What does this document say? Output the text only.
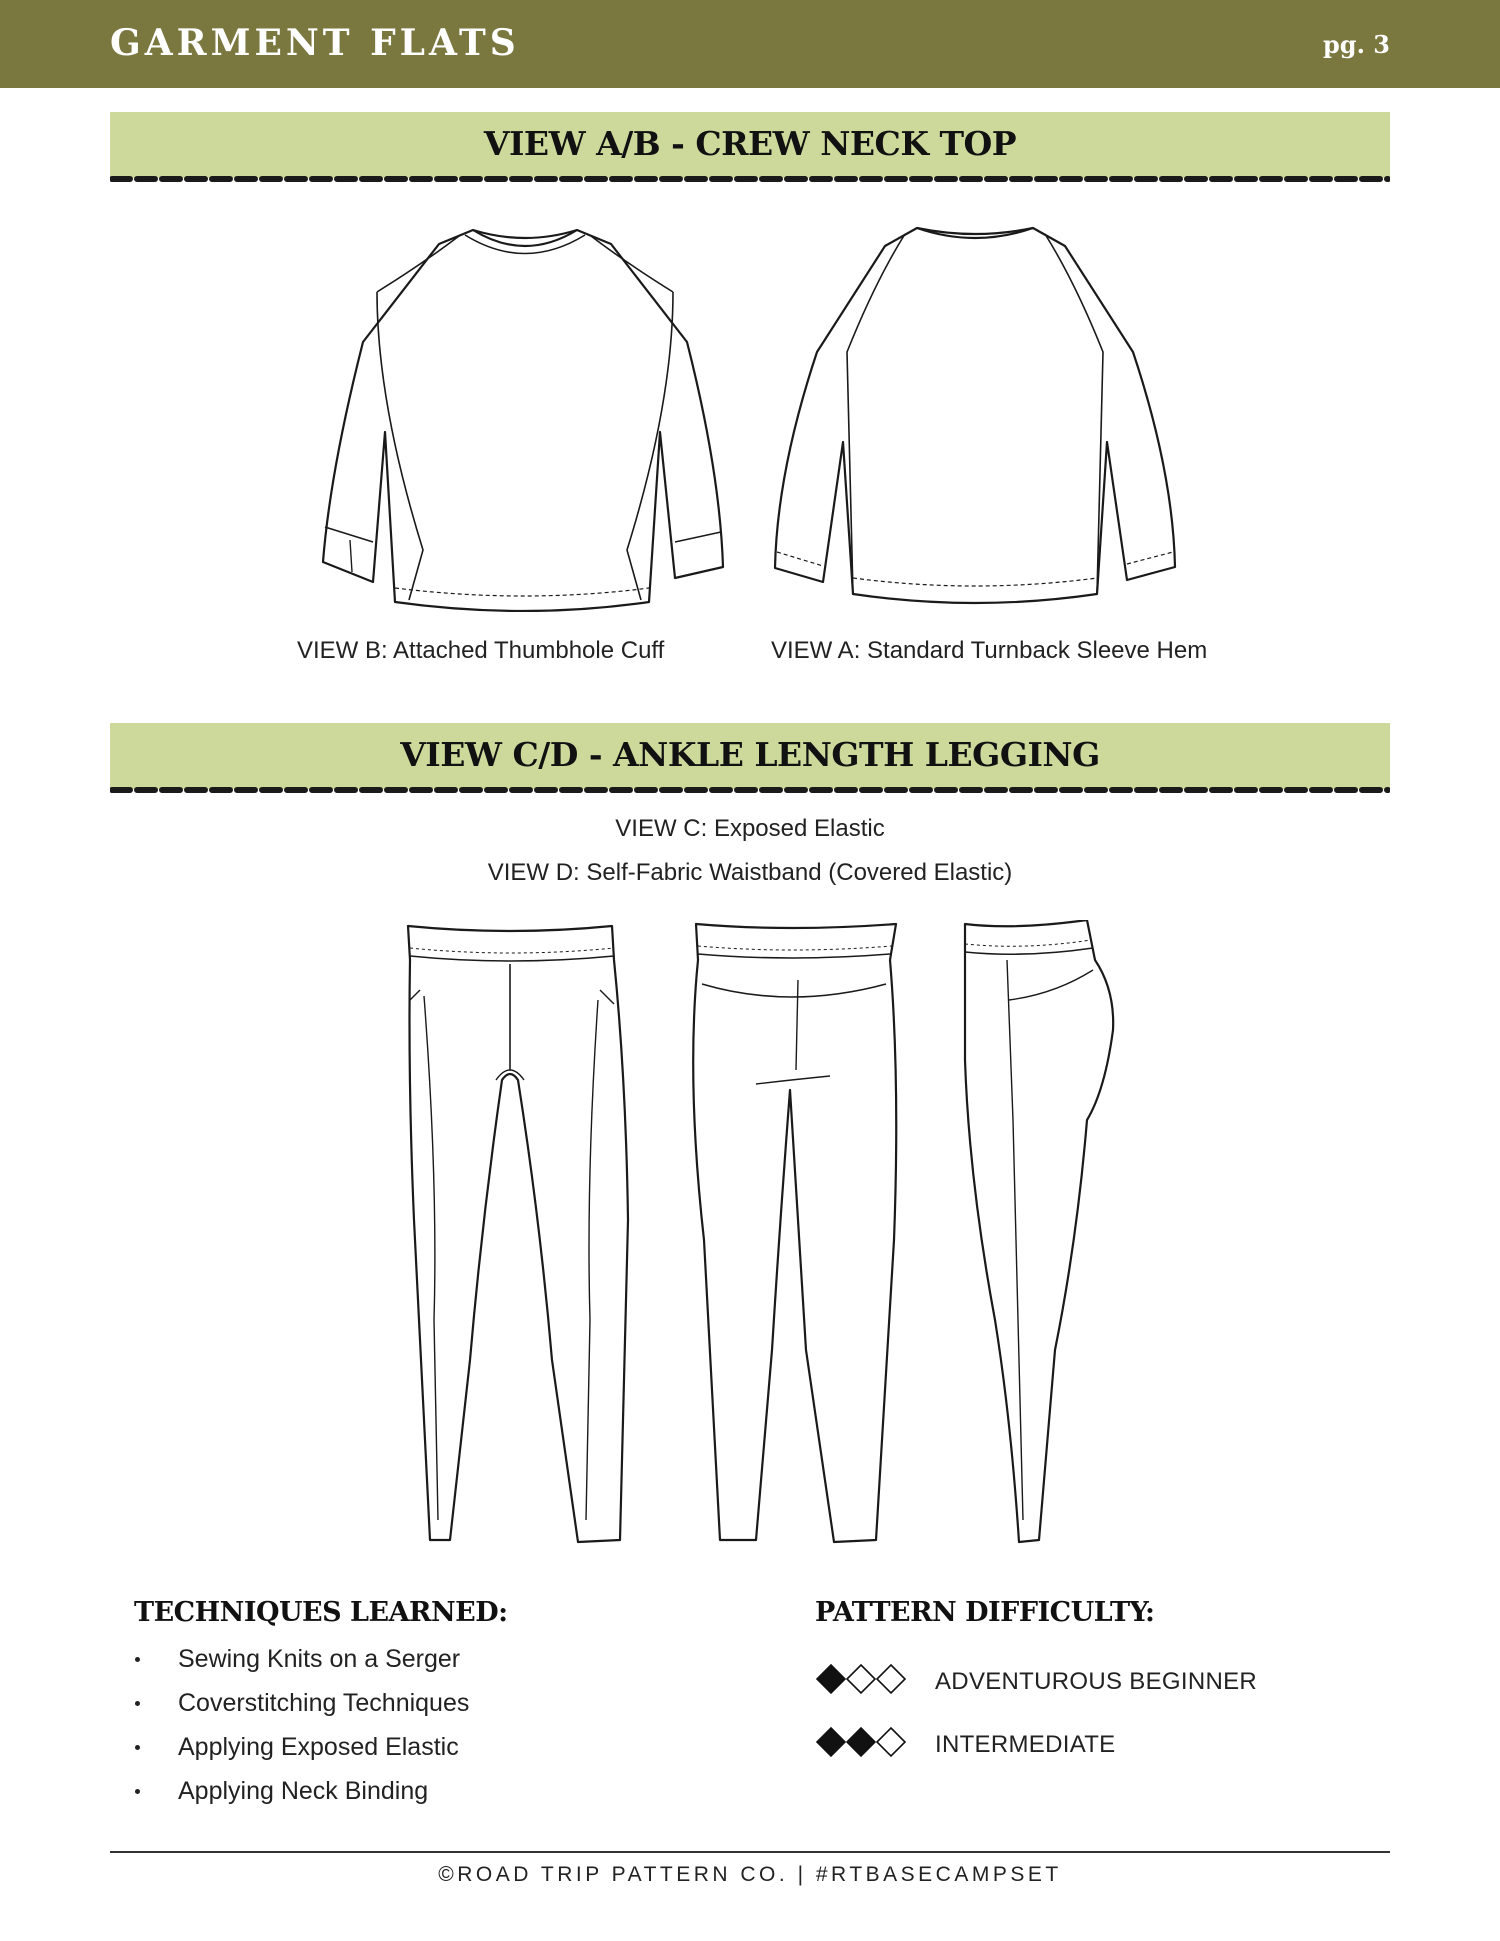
GARMENT FLATS	pg. 3
VIEW A/B - CREW NECK TOP
VIEW B: Attached Thumbhole Cuff	VIEW A: Standard Turnback Sleeve Hem
VIEW C/D - ANKLE LENGTH LEGGING
VIEW C: Exposed Elastic
VIEW D: Self-Fabric Waistband (Covered Elastic)
TECHNIQUES LEARNED:
Sewing Knits on a Serger
Coverstitching Techniques
Applying Exposed Elastic
Applying Neck Binding
PATTERN DIFFICULTY:
ADVENTUROUS BEGINNER
INTERMEDIATE
©ROAD TRIP PATTERN CO. | #RTBASECAMPSET
